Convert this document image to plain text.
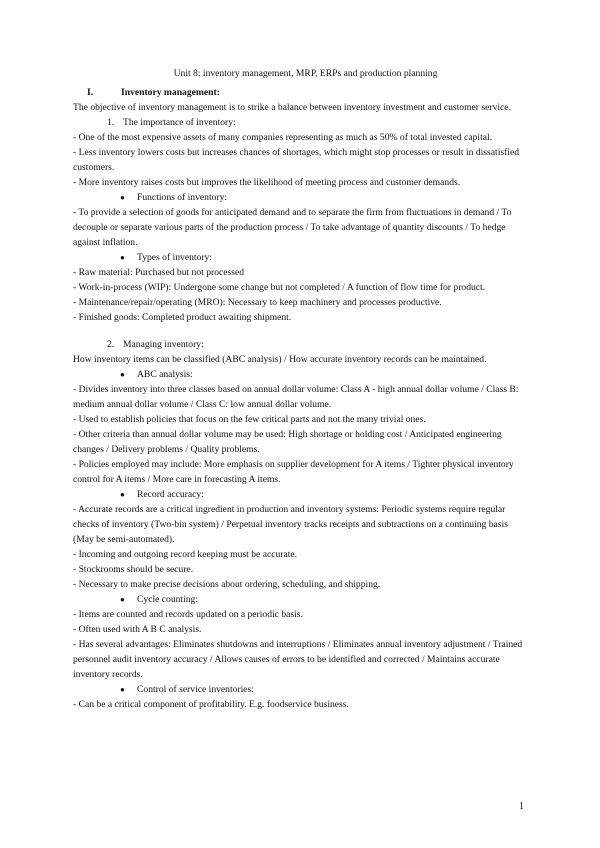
Unit 8: inventory management, MRP, ERPs and production planning

I.	Inventory management:

The objective of inventory management is to strike a balance between inventory investment and customer service.

1. The importance of inventory:

- One of the most expensive assets of many companies representing as much as 50% of total invested capital.

- Less inventory lowers costs but increases chances of shortages, which might stop processes or result in dissatisfied customers.

- More inventory raises costs but improves the likelihood of meeting process and customer demands.

● Functions of inventory:

- To provide a selection of goods for anticipated demand and to separate the firm from fluctuations in demand / To decouple or separate various parts of the production process / To take advantage of quantity discounts / To hedge against inflation.

● Types of inventory:

- Raw material: Purchased but not processed

- Work-in-process (WIP): Undergone some change but not completed / A function of flow time for product.

- Maintenance/repair/operating (MRO): Necessary to keep machinery and processes productive.

- Finished goods: Completed product awaiting shipment.

2. Managing inventory:

How inventory items can be classified (ABC analysis) / How accurate inventory records can be maintained.

● ABC analysis:

- Divides inventory into three classes based on annual dollar volume: Class A - high annual dollar volume / Class B: medium annual dollar volume / Class C: low annual dollar volume.

- Used to establish policies that focus on the few critical parts and not the many trivial ones.

- Other criteria than annual dollar volume may be used: High shortage or holding cost / Anticipated engineering changes / Delivery problems / Quality problems.

- Policies employed may include: More emphasis on supplier development for A items / Tighter physical inventory control for A items / More care in forecasting A items.

● Record accuracy:

- Accurate records are a critical ingredient in production and inventory systems: Periodic systems require regular checks of inventory (Two-bin system) / Perpetual inventory tracks receipts and subtractions on a continuing basis (May be semi-automated).

- Incoming and outgoing record keeping must be accurate.

- Stockrooms should be secure.

- Necessary to make precise decisions about ordering, scheduling, and shipping.

● Cycle counting:

- Items are counted and records updated on a periodic basis.

- Often used with A B C analysis.

- Has several advantages: Eliminates shutdowns and interruptions / Eliminates annual inventory adjustment / Trained personnel audit inventory accuracy / Allows causes of errors to be identified and corrected / Maintains accurate inventory records.

● Control of service inventories:

- Can be a critical component of profitability. E.g. foodservice business.

1
